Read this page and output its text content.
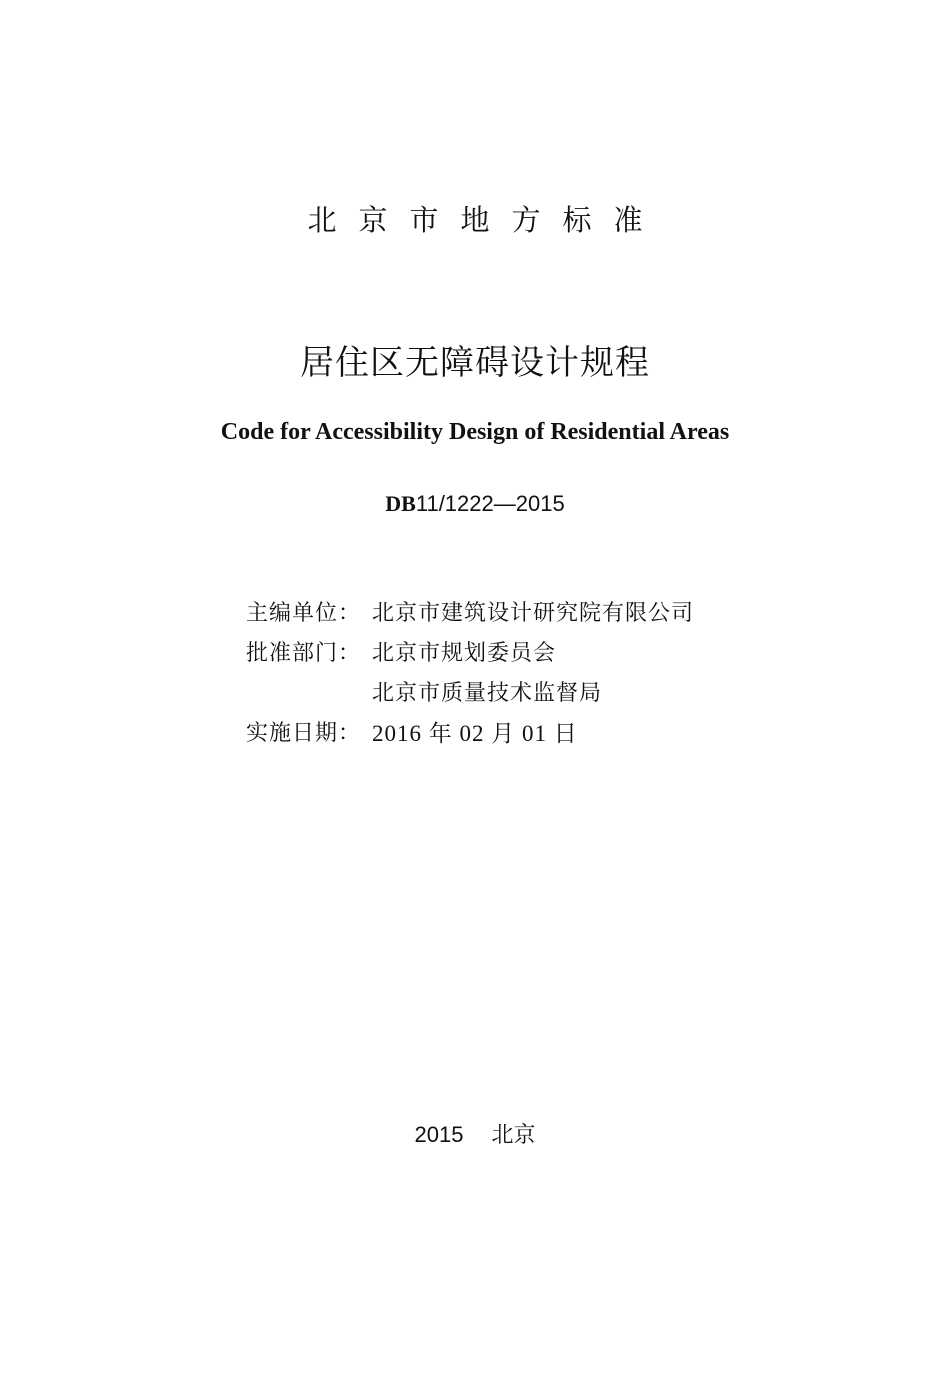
北京市地方标准
居住区无障碍设计规程
Code for Accessibility Design of Residential Areas
DB11/1222—2015
主编单位： 北京市建筑设计研究院有限公司
批准部门： 北京市规划委员会
北京市质量技术监督局
实施日期： 2016 年 02 月 01 日
2015 北京
